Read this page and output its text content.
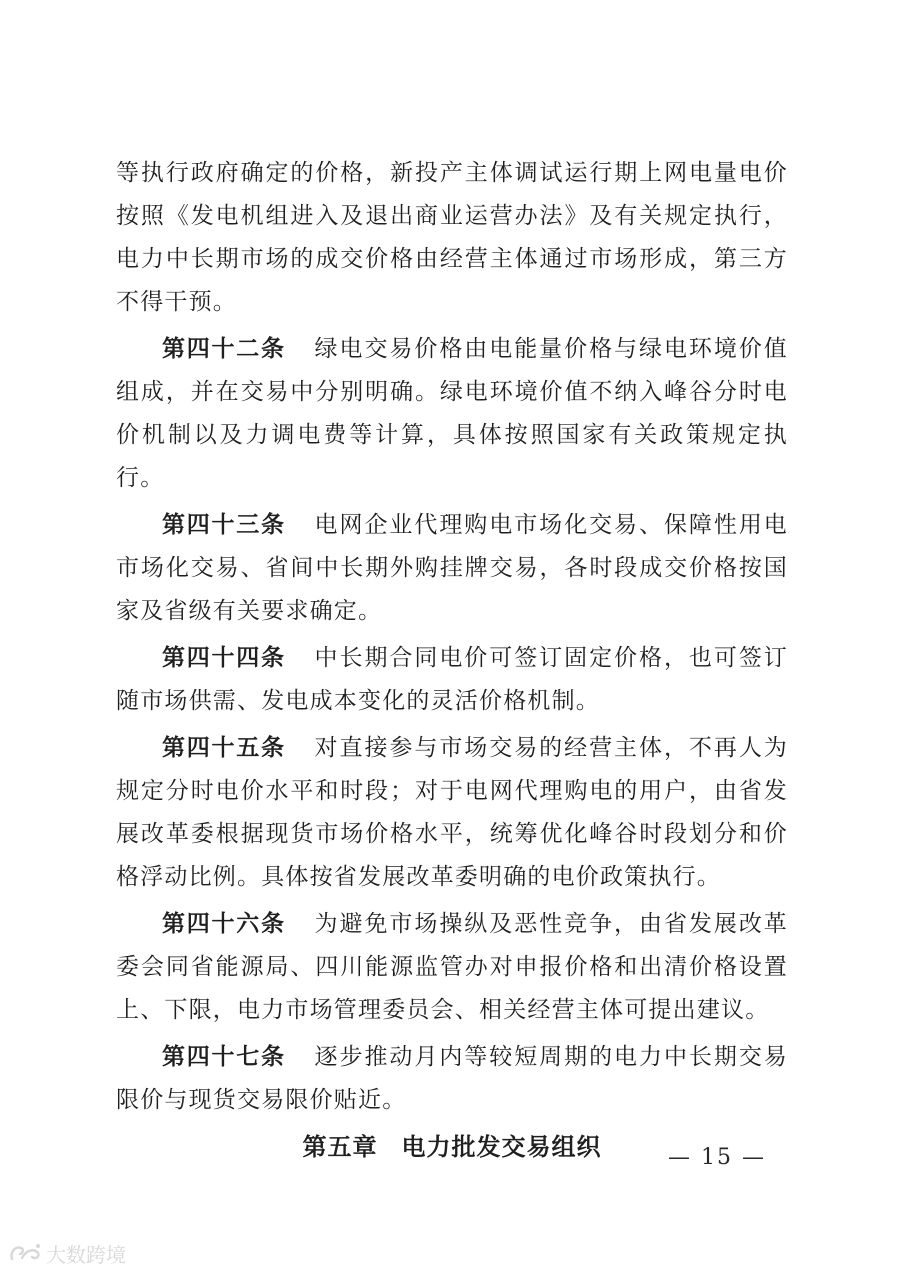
等执行政府确定的价格，新投产主体调试运行期上网电量电价按照《发电机组进入及退出商业运营办法》及有关规定执行，电力中长期市场的成交价格由经营主体通过市场形成，第三方不得干预。

第四十二条 绿电交易价格由电能量价格与绿电环境价值组成，并在交易中分别明确。绿电环境价值不纳入峰谷分时电价机制以及力调电费等计算，具体按照国家有关政策规定执行。

第四十三条 电网企业代理购电市场化交易、保障性用电市场化交易、省间中长期外购挂牌交易，各时段成交价格按国家及省级有关要求确定。

第四十四条 中长期合同电价可签订固定价格，也可签订随市场供需、发电成本变化的灵活价格机制。

第四十五条 对直接参与市场交易的经营主体，不再人为规定分时电价水平和时段；对于电网代理购电的用户，由省发展改革委根据现货市场价格水平，统筹优化峰谷时段划分和价格浮动比例。具体按省发展改革委明确的电价政策执行。

第四十六条 为避免市场操纵及恶性竞争，由省发展改革委会同省能源局、四川能源监管办对申报价格和出清价格设置上、下限，电力市场管理委员会、相关经营主体可提出建议。

第四十七条 逐步推动月内等较短周期的电力中长期交易限价与现货交易限价贴近。

第五章 电力批发交易组织	— 15 —
大数跨境
